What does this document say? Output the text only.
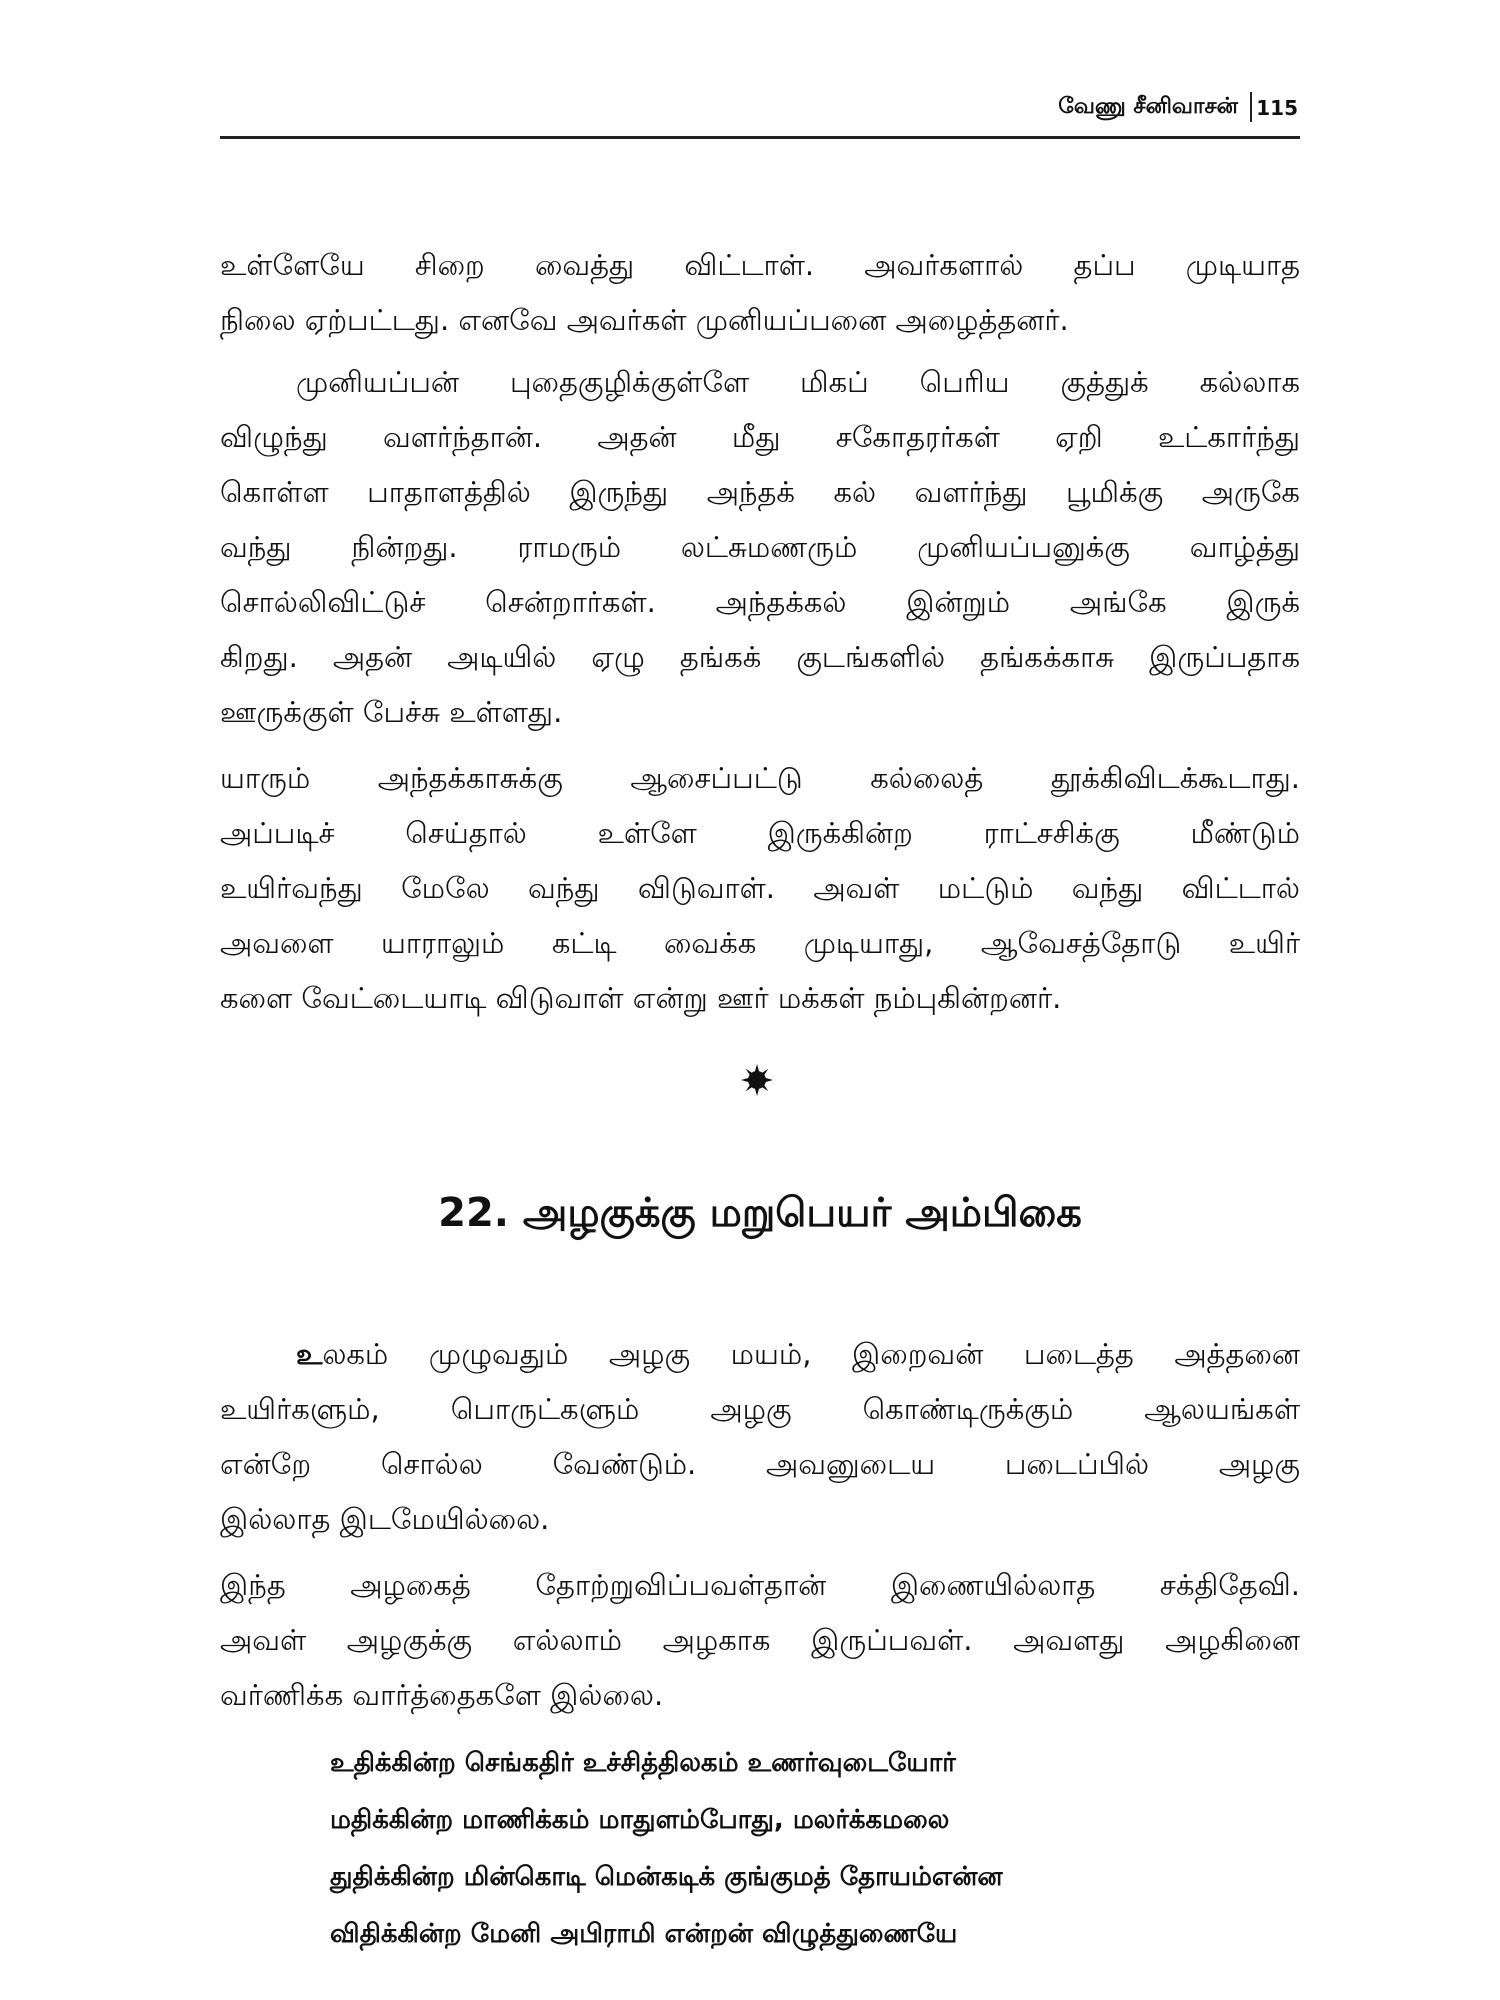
வேணு சீனிவாசன் 115

உள்ளேயே சிறை வைத்து விட்டாள். அவர்களால் தப்ப முடியாத
நிலை ஏற்பட்டது. எனவே அவர்கள் முனியப்பனை அழைத்தனர்.

முனியப்பன் புதைகுழிக்குள்ளே மிகப் பெரிய குத்துக் கல்லாக
விழுந்து வளர்ந்தான். அதன் மீது சகோதரர்கள் ஏறி உட்கார்ந்து
கொள்ள பாதாளத்தில் இருந்து அந்தக் கல் வளர்ந்து பூமிக்கு அருகே
வந்து நின்றது. ராமரும் லட்சுமணரும் முனியப்பனுக்கு வாழ்த்து
சொல்லிவிட்டுச் சென்றார்கள். அந்தக்கல் இன்றும் அங்கே இருக்
கிறது. அதன் அடியில் ஏழு தங்கக் குடங்களில் தங்கக்காசு இருப்பதாக
ஊருக்குள் பேச்சு உள்ளது.

யாரும் அந்தக்காசுக்கு ஆசைப்பட்டு கல்லைத் தூக்கிவிடக்கூடாது.
அப்படிச் செய்தால் உள்ளே இருக்கின்ற ராட்சசிக்கு மீண்டும்
உயிர்வந்து மேலே வந்து விடுவாள். அவள் மட்டும் வந்து விட்டால்
அவளை யாராலும் கட்டி வைக்க முடியாது, ஆவேசத்தோடு உயிர்
களை வேட்டையாடி விடுவாள் என்று ஊர் மக்கள் நம்புகின்றனர்.

22. அழகுக்கு மறுபெயர் அம்பிகை

உலகம் முழுவதும் அழகு மயம், இறைவன் படைத்த அத்தனை
உயிர்களும், பொருட்களும் அழகு கொண்டிருக்கும் ஆலயங்கள்
என்றே சொல்ல வேண்டும். அவனுடைய படைப்பில் அழகு
இல்லாத இடமேயில்லை.

இந்த அழகைத் தோற்றுவிப்பவள்தான் இணையில்லாத சக்திதேவி.
அவள் அழகுக்கு எல்லாம் அழகாக இருப்பவள். அவளது அழகினை
வர்ணிக்க வார்த்தைகளே இல்லை.

உதிக்கின்ற செங்கதிர் உச்சித்திலகம் உணர்வுடையோர்
மதிக்கின்ற மாணிக்கம் மாதுளம்போது, மலர்க்கமலை
துதிக்கின்ற மின்கொடி மென்கடிக் குங்குமத் தோயம்என்ன
விதிக்கின்ற மேனி அபிராமி என்றன் விழுத்துணையே
